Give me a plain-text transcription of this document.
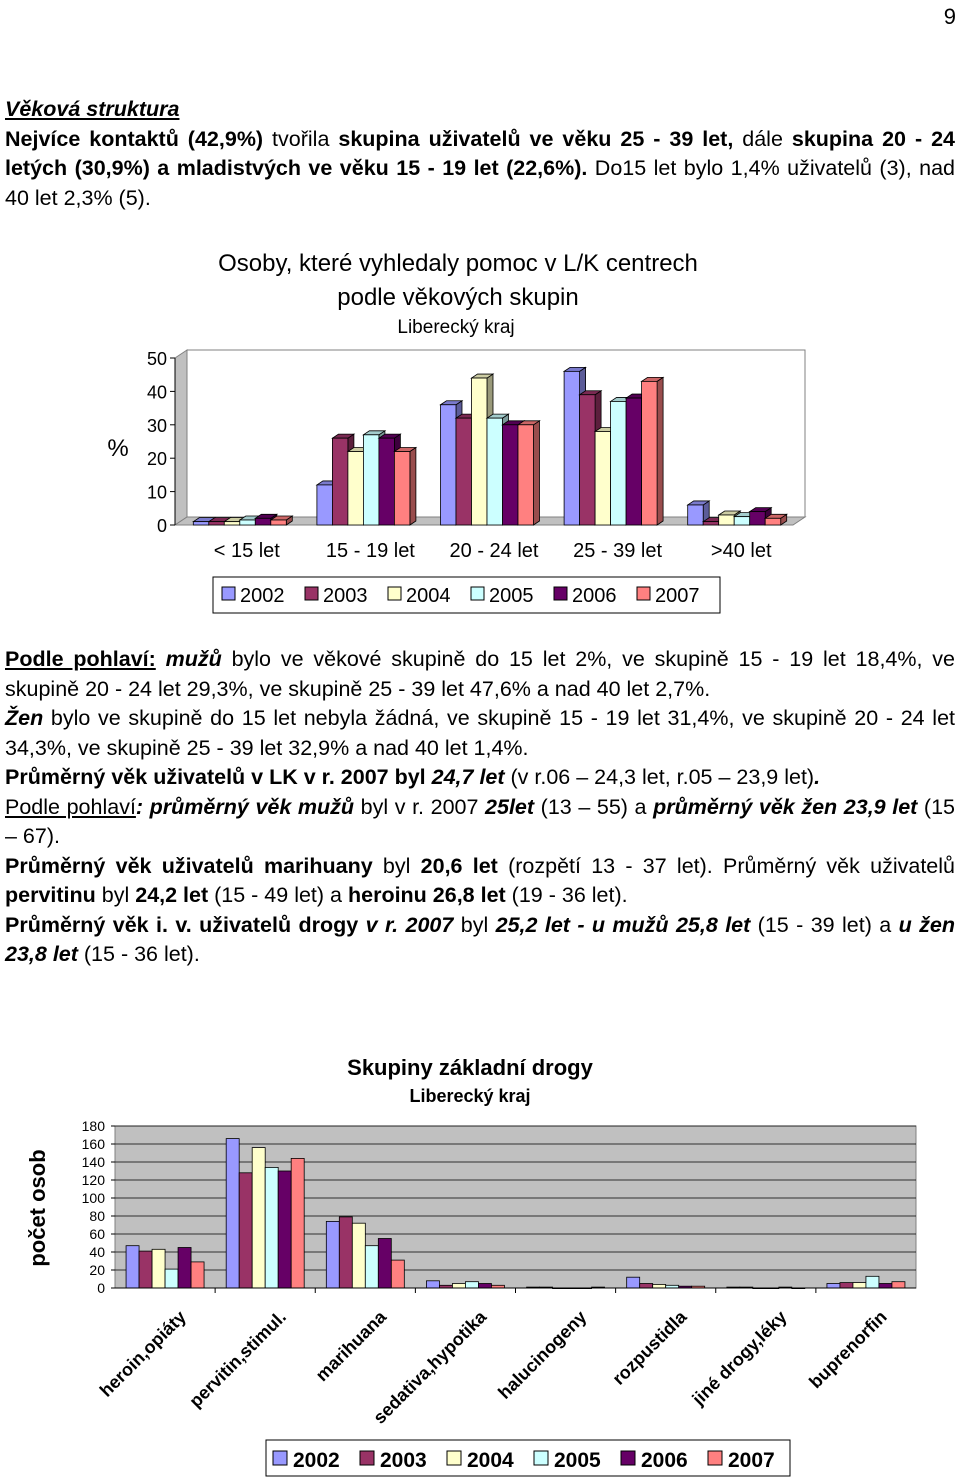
9
Věková struktura
Nejvíce kontaktů (42,9%) tvořila skupina uživatelů ve věku 25 - 39 let, dále skupina 20 - 24 letých (30,9%) a mladistvých ve věku 15 - 19 let (22,6%). Do15 let bylo 1,4% uživatelů (3), nad 40 let 2,3% (5).
Osoby, které vyhledaly pomoc v L/K centrech
podle věkových skupin
Liberecký kraj
%
0
10
20
30
40
50
< 15 let 15 - 19 let 20 - 24 let 25 - 39 let >40 let
2002 2003 2004 2005 2006 2007
Podle pohlaví: mužů bylo ve věkové skupině do 15 let 2%, ve skupině 15 - 19 let 18,4%, ve skupině 20 - 24 let 29,3%, ve skupině 25 - 39 let 47,6% a nad 40 let 2,7%.
Žen bylo ve skupině do 15 let nebyla žádná, ve skupině 15 - 19 let 31,4%, ve skupině 20 - 24 let 34,3%, ve skupině 25 - 39 let 32,9% a nad 40 let 1,4%.
Průměrný věk uživatelů v LK v r. 2007 byl 24,7 let (v r.06 – 24,3 let, r.05 – 23,9 let).
Podle pohlaví: průměrný věk mužů byl v r. 2007 25let (13 – 55) a průměrný věk žen 23,9 let (15 – 67).
Průměrný věk uživatelů marihuany byl 20,6 let (rozpětí 13 - 37 let). Průměrný věk uživatelů pervitinu byl 24,2 let (15 - 49 let) a heroinu 26,8 let (19 - 36 let).
Průměrný věk i. v. uživatelů drogy v r. 2007 byl 25,2 let - u mužů 25,8 let (15 - 39 let) a u žen 23,8 let (15 - 36 let).
Skupiny základní drogy
Liberecký kraj
počet osob
0
20
40
60
80
100
120
140
160
180
heroin,opiáty
pervitin,stimul. marihuana
sedativa,hypotika halucinogeny rozpustidla
jiné drogy,léky buprenorfin
2002 2003 2004 2005 2006 2007
